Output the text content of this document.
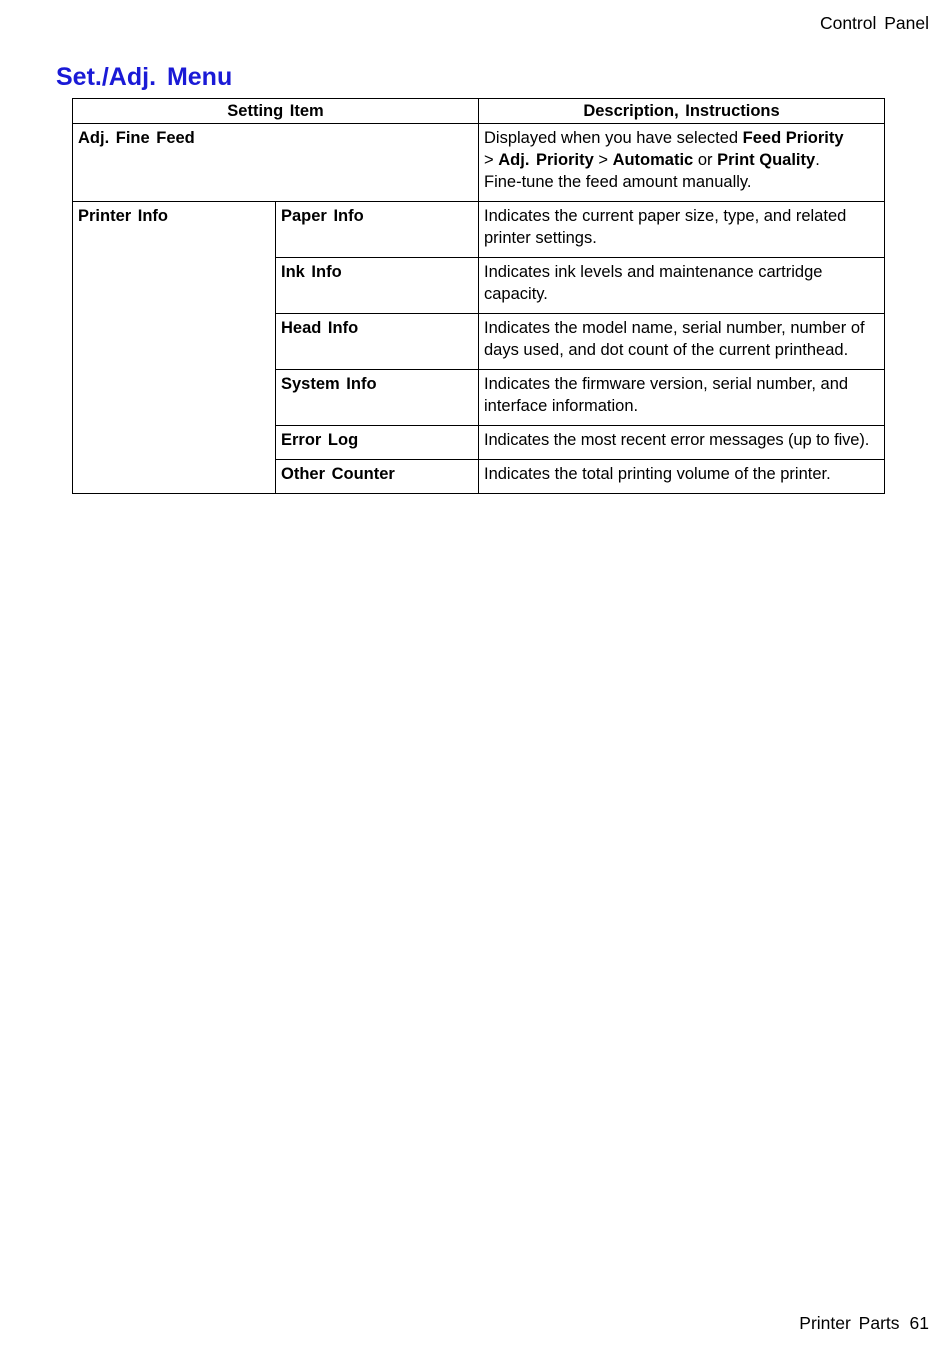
Control Panel
Set./Adj. Menu
Setting Item		Description, Instructions
Adj. Fine Feed		Displayed when you have selected Feed Priority
> Adj. Priority > Automatic or Print Quality.
Fine-tune the feed amount manually.
Printer Info	Paper Info	Indicates the current paper size, type, and related printer settings.
	Ink Info	Indicates ink levels and maintenance cartridge capacity.
	Head Info	Indicates the model name, serial number, number of days used, and dot count of the current printhead.
	System Info	Indicates the firmware version, serial number, and interface information.
	Error Log	Indicates the most recent error messages (up to five).
	Other Counter	Indicates the total printing volume of the printer.
Printer Parts 61
